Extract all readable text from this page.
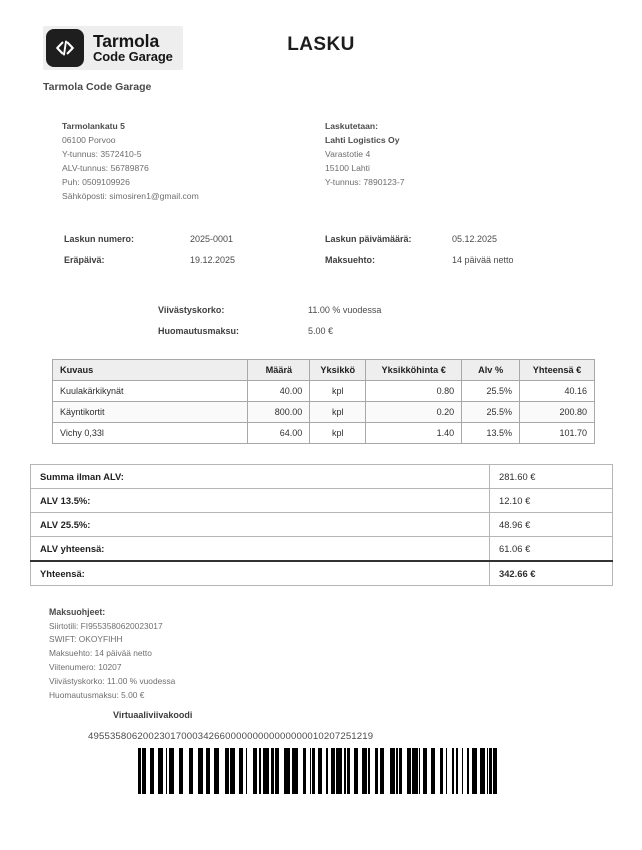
Tarmola
Code Garage
LASKU
Tarmola Code Garage
Tarmolankatu 5
06100 Porvoo
Y-tunnus: 3572410-5
ALV-tunnus: 56789876
Puh: 0509109926
Sähköposti: simosiren1@gmail.com
Laskutetaan:
Lahti Logistics Oy
Varastotie 4
15100 Lahti
Y-tunnus: 7890123-7
Laskun numero:	2025-0001	Laskun päivämäärä:	05.12.2025
Eräpäivä:	19.12.2025	Maksuehto:	14 päivää netto
Viivästyskorko:	11.00 % vuodessa
Huomautusmaksu:	5.00 €
Kuvaus	Määrä	Yksikkö	Yksikköhinta €	Alv %	Yhteensä €
Kuulakärkikynät	40.00	kpl	0.80	25.5%	40.16
Käyntikortit	800.00	kpl	0.20	25.5%	200.80
Vichy 0,33l	64.00	kpl	1.40	13.5%	101.70
Summa ilman ALV:	281.60 €
ALV 13.5%:	12.10 €
ALV 25.5%:	48.96 €
ALV yhteensä:	61.06 €
Yhteensä:	342.66 €
Maksuohjeet:
Siirtotili: FI9553580620023017
SWIFT: OKOYFIHH
Maksuehto: 14 päivää netto
Viitenumero: 10207
Viivästyskorko: 11.00 % vuodessa
Huomautusmaksu: 5.00 €
Virtuaaliviivakoodi
4955358062002301700034266000000000000000010207251219
